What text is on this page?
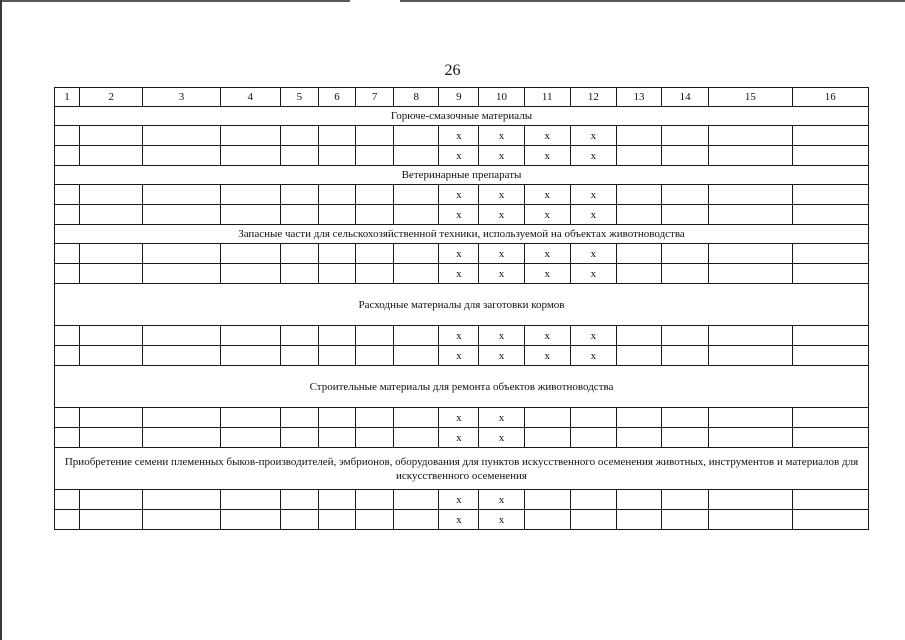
26
1	2	3	4	5	6	7	8	9	10	11	12	13	14	15	16
Горюче-смазочные материалы															
								x	x	x	x				
								x	x	x	x				
Ветеринарные препараты															
								x	x	x	x				
								x	x	x	x				
Запасные части для сельскохозяйственной техники, используемой на объектах животноводства															
								x	x	x	x				
								x	x	x	x				
Расходные материалы для заготовки кормов															
								x	x	x	x				
								x	x	x	x				
Строительные материалы для ремонта объектов животноводства															
								x	x						
								x	x						
Приобретение семени племенных быков-производителей, эмбрионов, оборудования для пунктов искусственного осеменения животных, инструментов и материалов для искусственного осеменения															
								x	x						
								x	x						
